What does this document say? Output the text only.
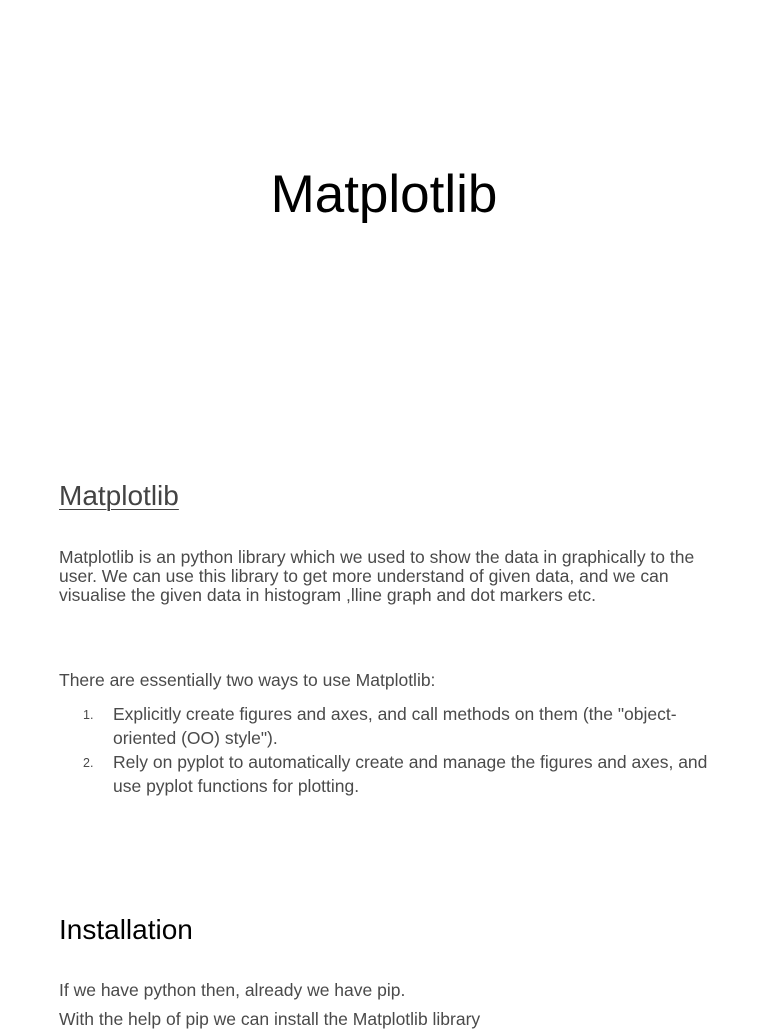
Matplotlib
Matplotlib

Matplotlib is an python library which we used to show the data in graphically to the user. We can use this library to get more understand of given data, and we can visualise the given data in histogram ,lline graph and dot markers etc.

There are essentially two ways to use Matplotlib:

1. Explicitly create figures and axes, and call methods on them (the "object-oriented (OO) style").
2. Rely on pyplot to automatically create and manage the figures and axes, and use pyplot functions for plotting.
Installation

If we have python then, already we have pip.

With the help of pip we can install the Matplotlib library
